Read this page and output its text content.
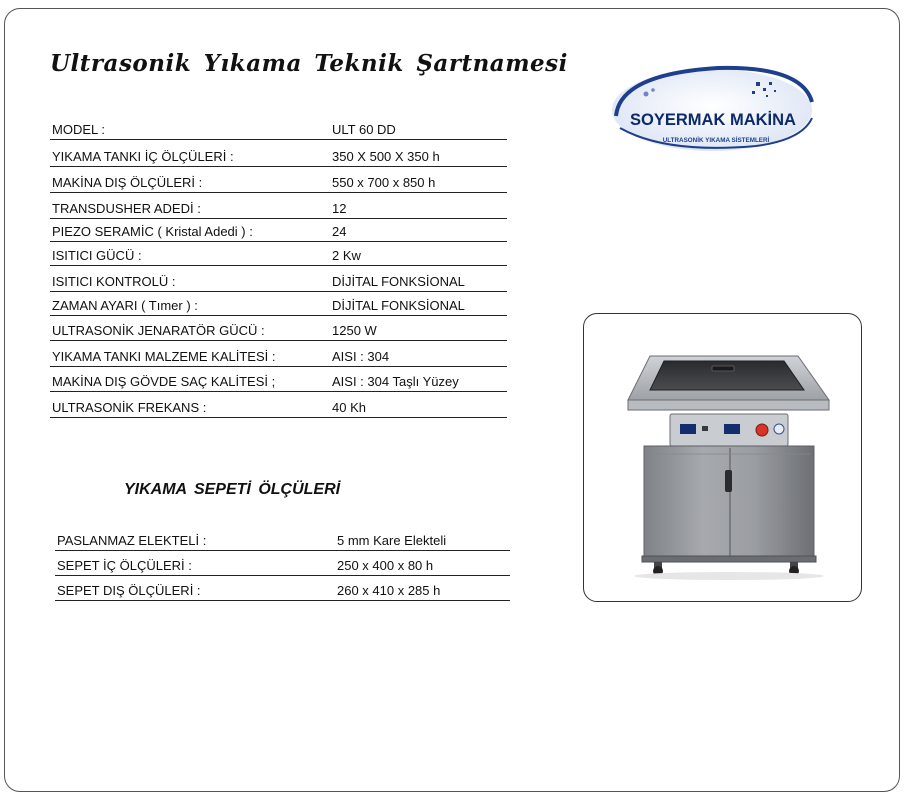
Ultrasonik Yıkama Teknik Şartnamesi
SOYERMAK MAKİNA
ULTRASONİK YIKAMA SİSTEMLERİ
MODEL :	ULT 60 DD
YIKAMA TANKI İÇ ÖLÇÜLERİ :	350 X 500 X 350 h
MAKİNA DIŞ ÖLÇÜLERİ :	550 x 700 x 850 h
TRANSDUSHER ADEDİ :	12
PIEZO SERAMİC ( Kristal Adedi ) :	24
ISITICI GÜCÜ :	2 Kw
ISITICI KONTROLÜ :	DİJİTAL FONKSİONAL
ZAMAN AYARI ( Tımer ) :	DİJİTAL FONKSİONAL
ULTRASONİK JENARATÖR GÜCÜ :	1250 W
YIKAMA TANKI MALZEME KALİTESİ :	AISI : 304
MAKİNA DIŞ GÖVDE SAÇ KALİTESİ ;	AISI : 304 Taşlı Yüzey
ULTRASONİK FREKANS :	40 Kh
YIKAMA SEPETİ ÖLÇÜLERİ
PASLANMAZ ELEKTELİ :	5 mm Kare Elekteli
SEPET İÇ ÖLÇÜLERİ :	250 x 400 x 80 h
SEPET DIŞ ÖLÇÜLERİ :	260 x 410 x 285 h
